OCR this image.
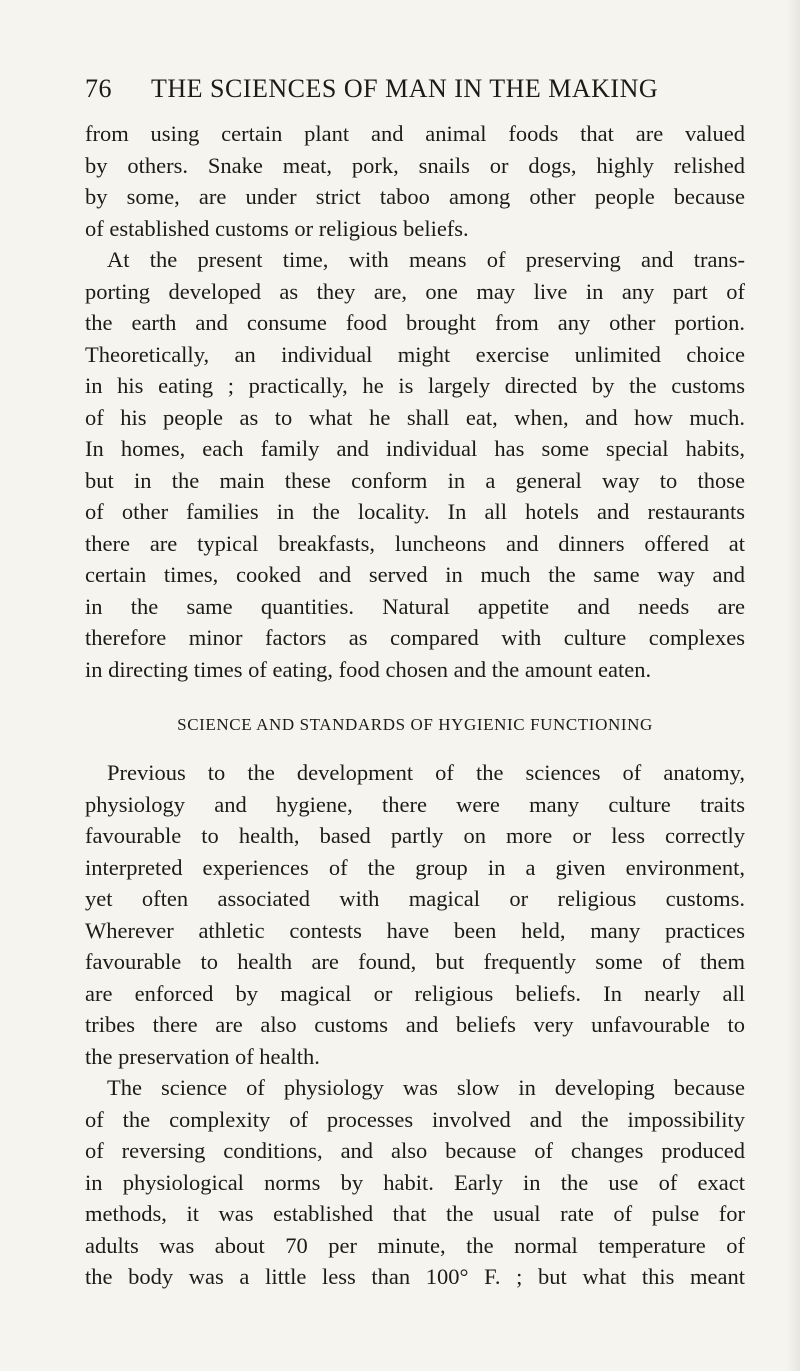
76 THE SCIENCES OF MAN IN THE MAKING
from using certain plant and animal foods that are valued
by others. Snake meat, pork, snails or dogs, highly relished
by some, are under strict taboo among other people because
of established customs or religious beliefs.
At the present time, with means of preserving and trans-
porting developed as they are, one may live in any part of
the earth and consume food brought from any other portion.
Theoretically, an individual might exercise unlimited choice
in his eating ; practically, he is largely directed by the customs
of his people as to what he shall eat, when, and how much.
In homes, each family and individual has some special habits,
but in the main these conform in a general way to those
of other families in the locality. In all hotels and restaurants
there are typical breakfasts, luncheons and dinners offered at
certain times, cooked and served in much the same way and
in the same quantities. Natural appetite and needs are
therefore minor factors as compared with culture complexes
in directing times of eating, food chosen and the amount eaten.
SCIENCE AND STANDARDS OF HYGIENIC FUNCTIONING
Previous to the development of the sciences of anatomy,
physiology and hygiene, there were many culture traits
favourable to health, based partly on more or less correctly
interpreted experiences of the group in a given environment,
yet often associated with magical or religious customs.
Wherever athletic contests have been held, many practices
favourable to health are found, but frequently some of them
are enforced by magical or religious beliefs. In nearly all
tribes there are also customs and beliefs very unfavourable to
the preservation of health.
The science of physiology was slow in developing because
of the complexity of processes involved and the impossibility
of reversing conditions, and also because of changes produced
in physiological norms by habit. Early in the use of exact
methods, it was established that the usual rate of pulse for
adults was about 70 per minute, the normal temperature of
the body was a little less than 100° F. ; but what this meant
